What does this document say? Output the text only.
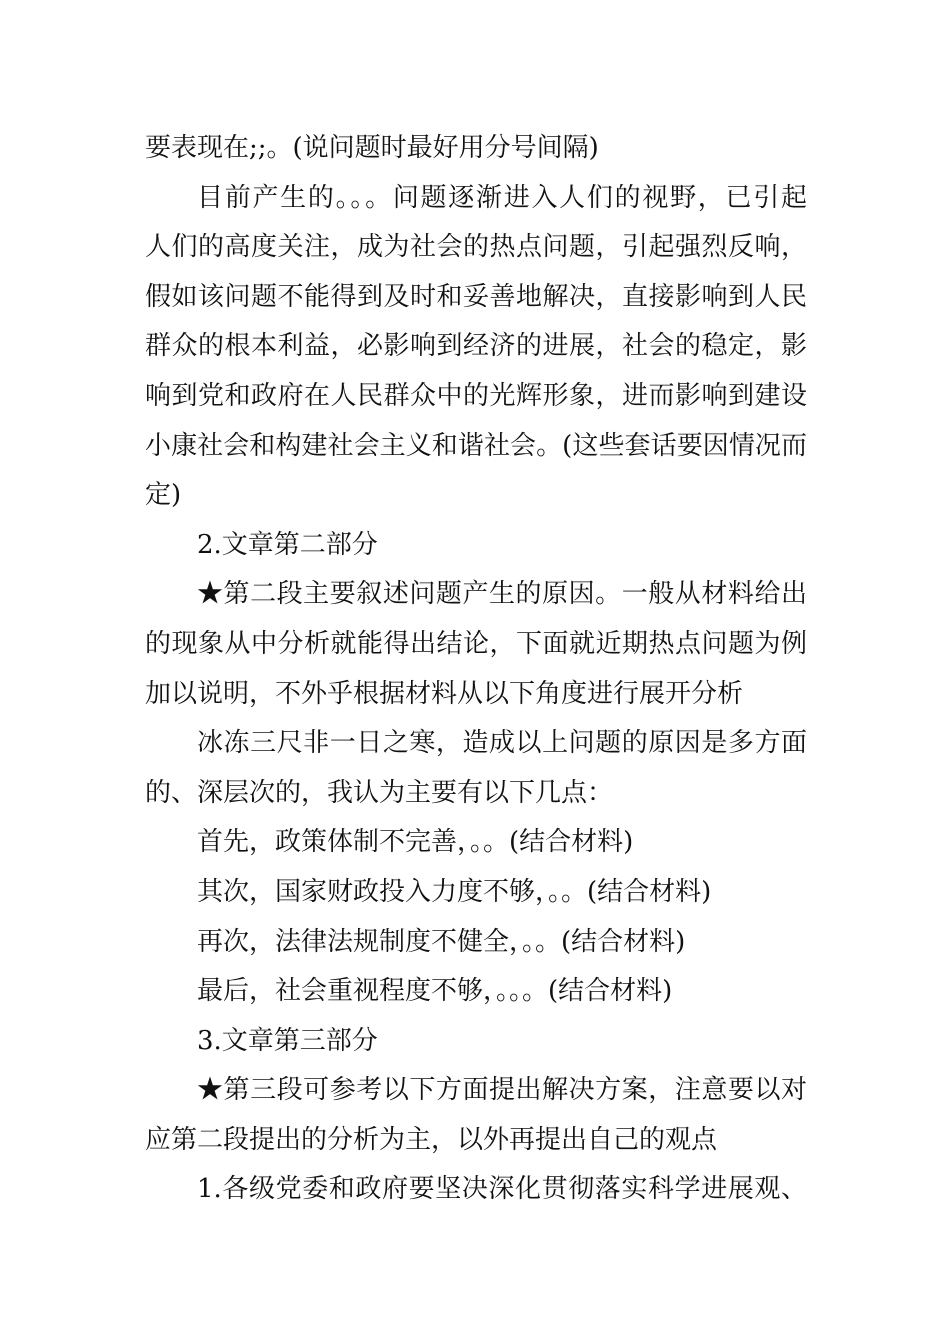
要表现在;;。(说问题时最好用分号间隔)
目前产生的。。。问题逐渐进入人们的视野，已引起
人们的高度关注，成为社会的热点问题，引起强烈反响，
假如该问题不能得到及时和妥善地解决，直接影响到人民
群众的根本利益，必影响到经济的进展，社会的稳定，影
响到党和政府在人民群众中的光辉形象，进而影响到建设
小康社会和构建社会主义和谐社会。(这些套话要因情况而
定)
2.文章第二部分
★第二段主要叙述问题产生的原因。一般从材料给出
的现象从中分析就能得出结论，下面就近期热点问题为例
加以说明，不外乎根据材料从以下角度进行展开分析
冰冻三尺非一日之寒，造成以上问题的原因是多方面
的、深层次的，我认为主要有以下几点：
首先，政策体制不完善，。。(结合材料)
其次，国家财政投入力度不够，。。(结合材料)
再次，法律法规制度不健全，。。(结合材料)
最后，社会重视程度不够，。。。(结合材料)
3.文章第三部分
★第三段可参考以下方面提出解决方案，注意要以对
应第二段提出的分析为主，以外再提出自己的观点
1.各级党委和政府要坚决深化贯彻落实科学进展观、
